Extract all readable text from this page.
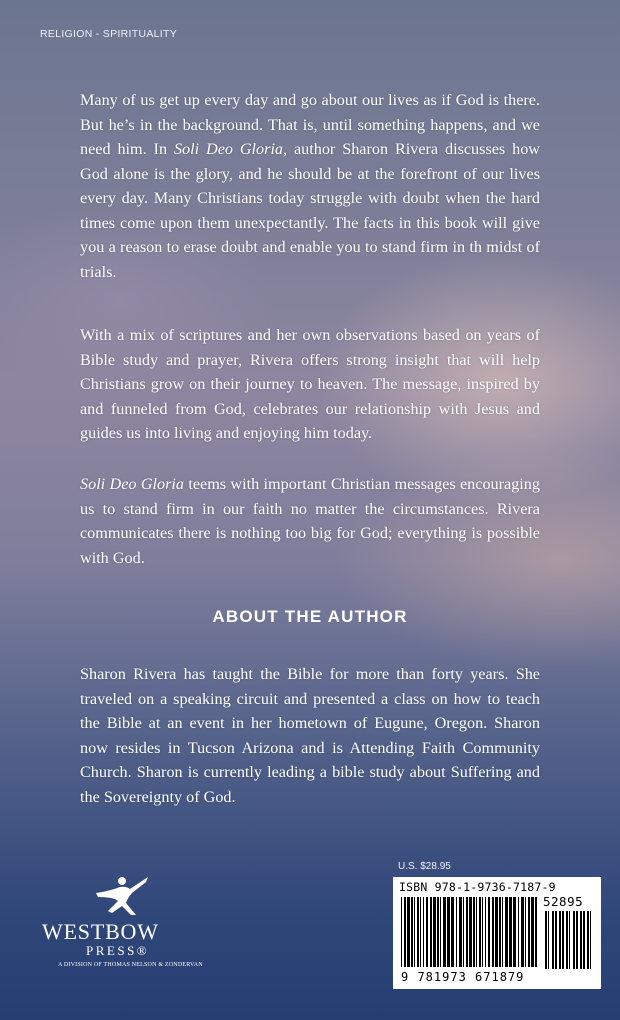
RELIGION - SPIRITUALITY

Many of us get up every day and go about our lives as if God is there. But he’s in the background. That is, until something happens, and we need him. In Soli Deo Gloria, author Sharon Rivera discusses how God alone is the glory, and he should be at the forefront of our lives every day. Many Christians today struggle with doubt when the hard times come upon them unexpectantly. The facts in this book will give you a reason to erase doubt and enable you to stand firm in th midst of trials.

With a mix of scriptures and her own observations based on years of Bible study and prayer, Rivera offers strong insight that will help Christians grow on their journey to heaven. The message, inspired by and funneled from God, celebrates our relationship with Jesus and guides us into living and enjoying him today.

Soli Deo Gloria teems with important Christian messages encouraging us to stand firm in our faith no matter the circumstances. Rivera communicates there is nothing too big for God; everything is possible with God.

ABOUT THE AUTHOR

Sharon Rivera has taught the Bible for more than forty years. She traveled on a speaking circuit and presented a class on how to teach the Bible at an event in her hometown of Eugune, Oregon. Sharon now resides in Tucson Arizona and is Attending Faith Community Church. Sharon is currently leading a bible study about Suffering and the Sovereignty of God.

WESTBOW
PRESS®
A DIVISION OF THOMAS NELSON & ZONDERVAN
U.S. $28.95
ISBN 978-1-9736-7187-9
52895
9 781973 671879
